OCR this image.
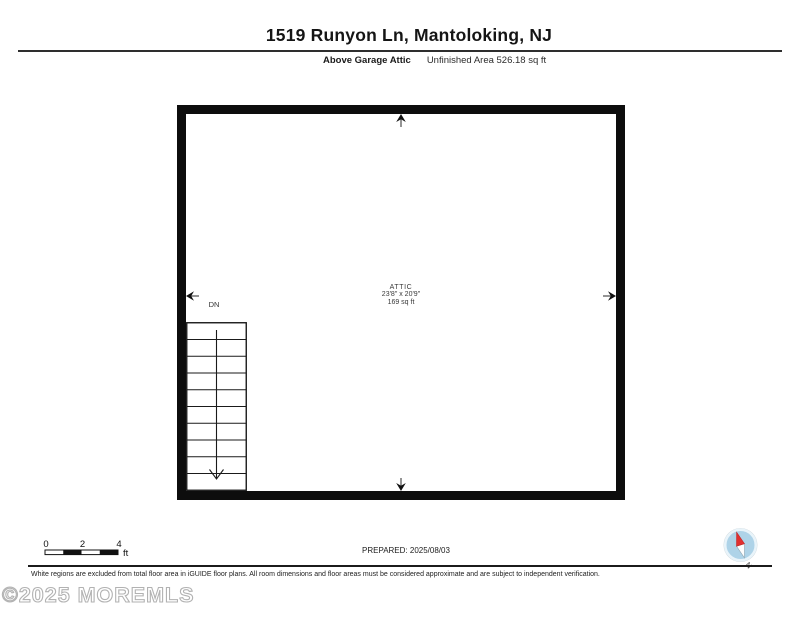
1519 Runyon Ln, Mantoloking, NJ
Above Garage Attic Unfinished Area 526.18 sq ft
ATTIC
23'8" x 20'9"
169 sq ft
DN
0	2	4
ft	PREPARED: 2025/08/03
White regions are excluded from total floor area in iGUIDE floor plans. All room dimensions and floor areas must be considered approximate and are subject to independent verification.
©2025 MOREMLS
